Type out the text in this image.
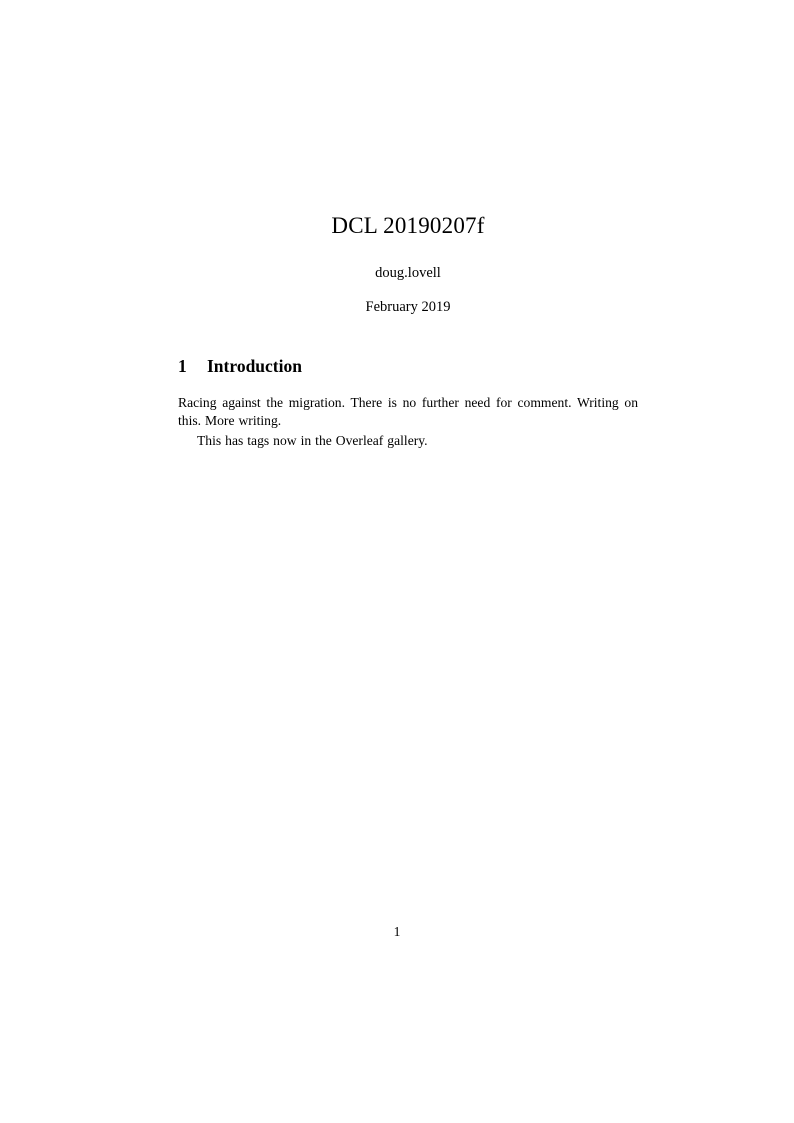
DCL 20190207f

doug.lovell

February 2019

1	Introduction

Racing against the migration. There is no further need for comment. Writing on this. More writing.

This has tags now in the Overleaf gallery.

1
